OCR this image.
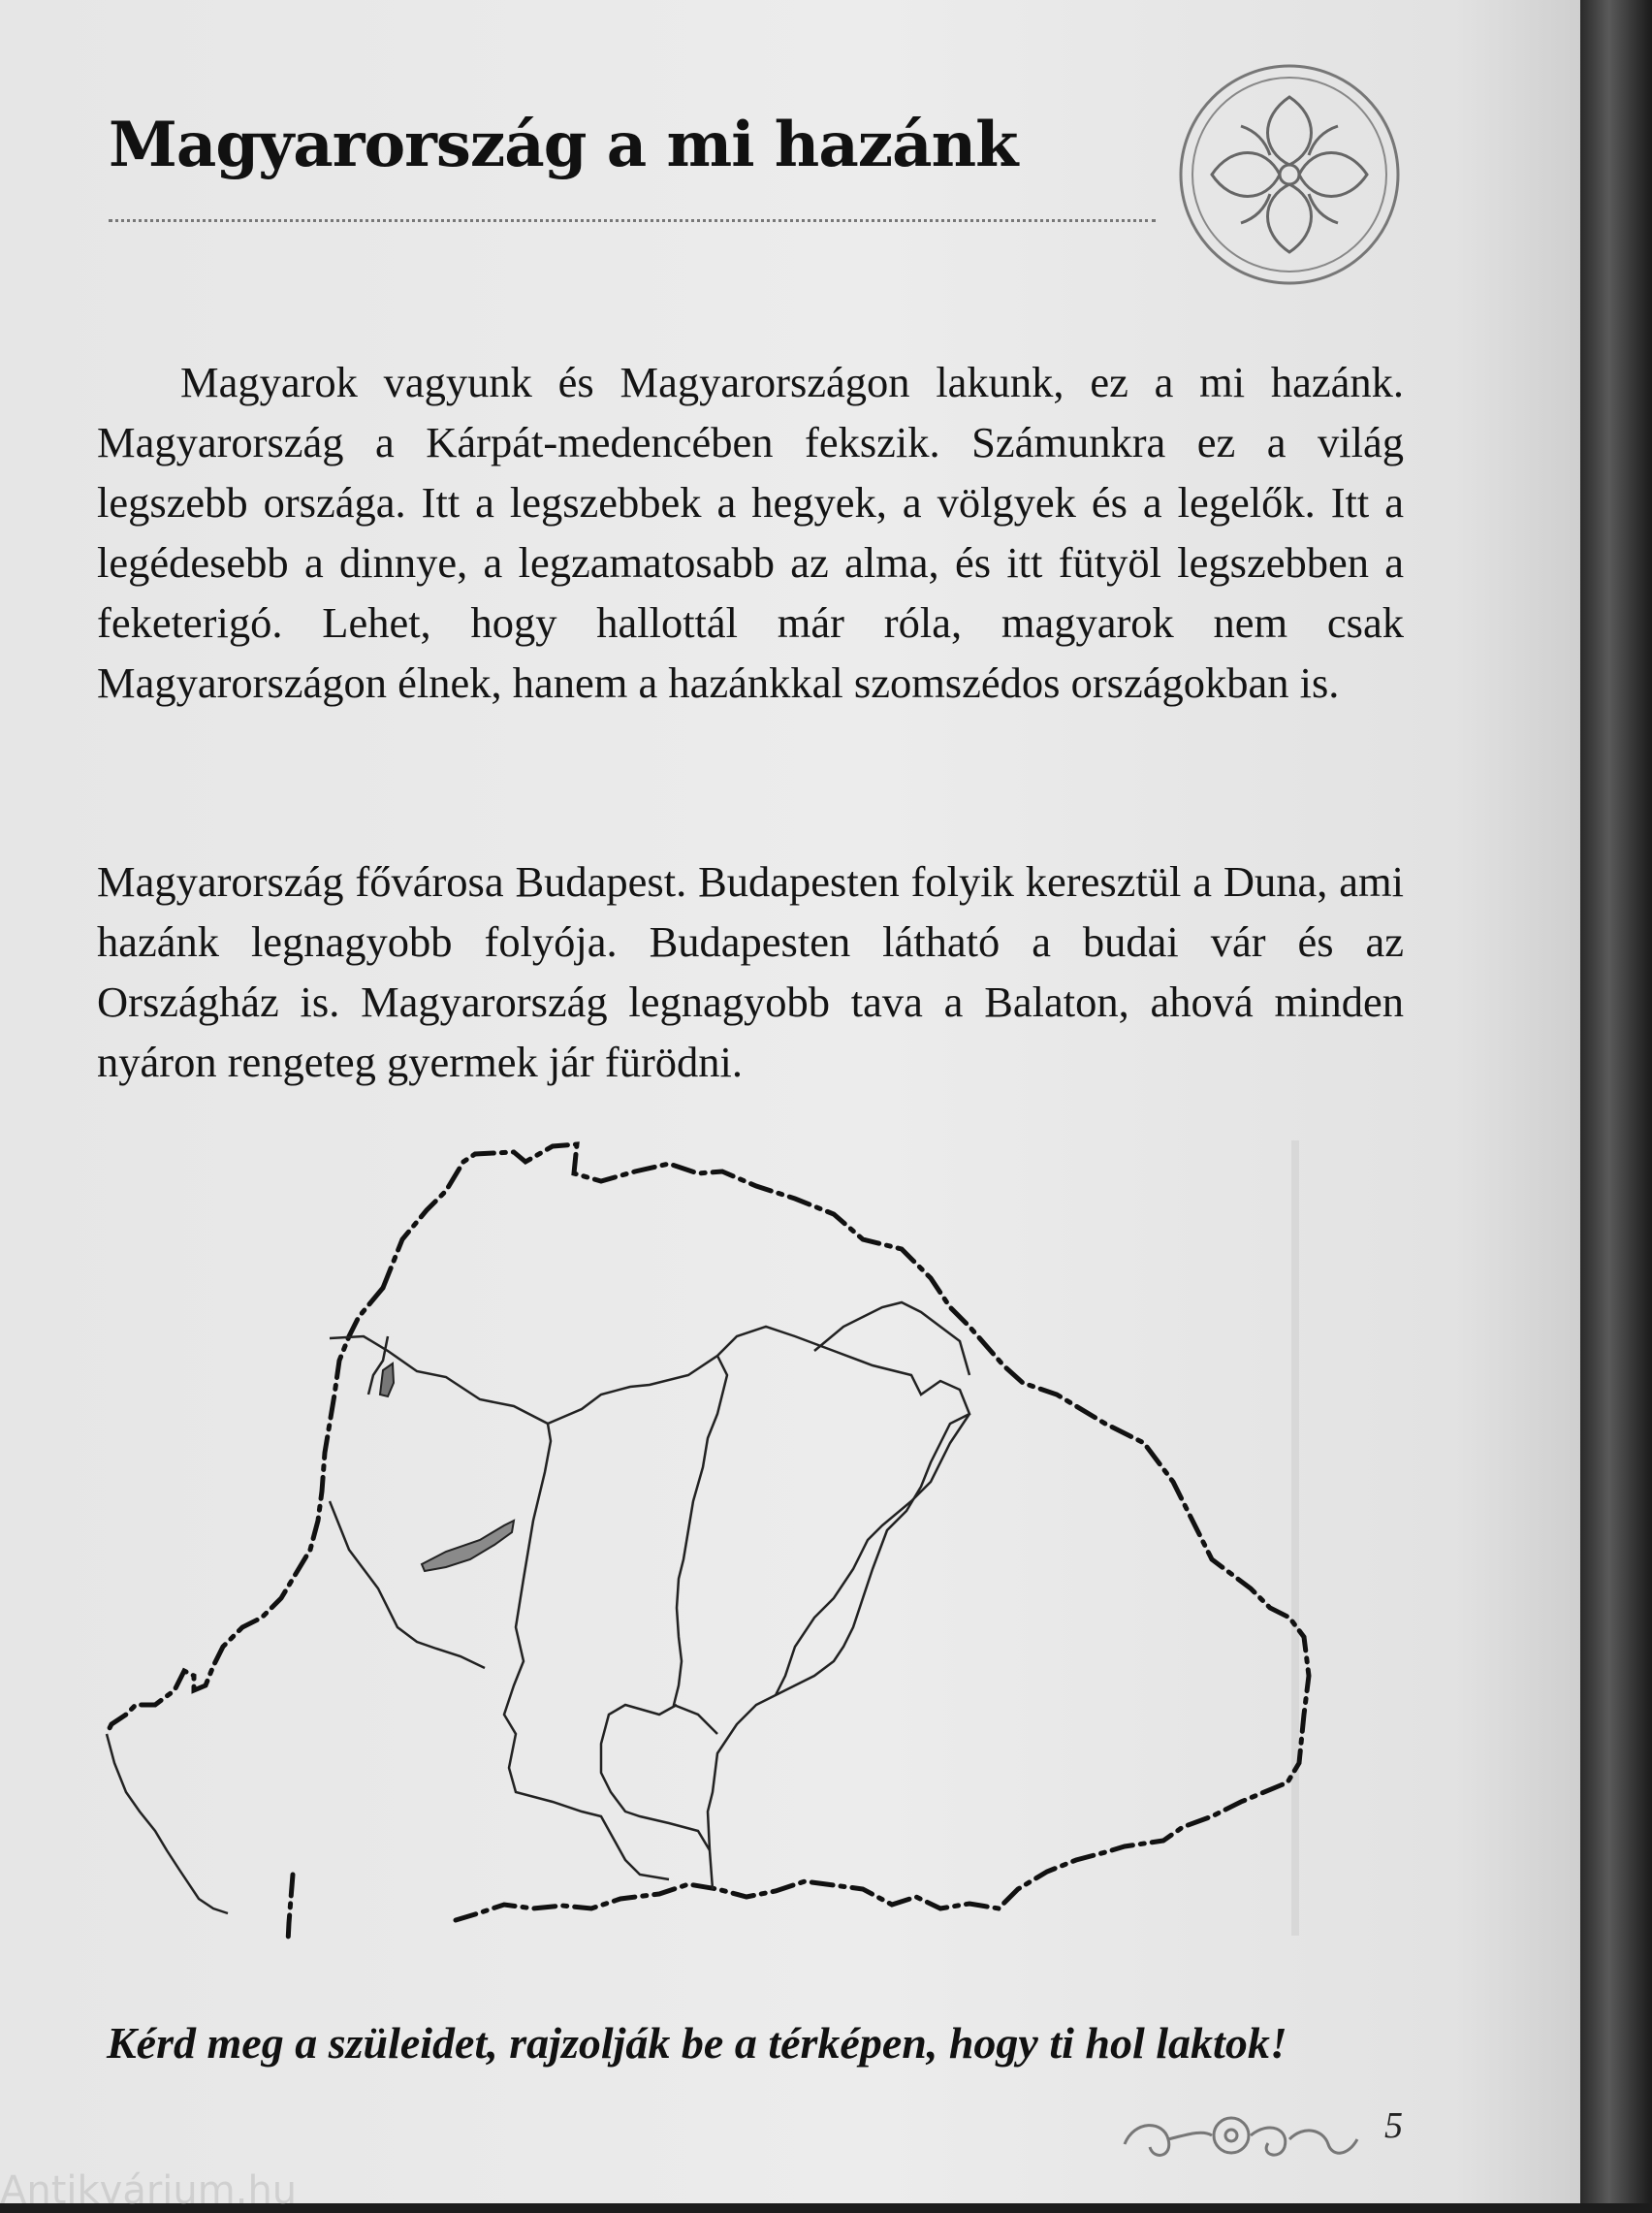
Magyarország a mi hazánk

Magyarok vagyunk és Magyarországon lakunk, ez a mi hazánk. Magyarország a Kárpát-medencében fekszik. Számunkra ez a világ legszebb országa. Itt a legszebbek a hegyek, a völgyek és a legelők. Itt a legédesebb a dinnye, a legzamatosabb az alma, és itt fütyöl legszebben a feketerigó. Lehet, hogy hallottál már róla, magyarok nem csak Magyarországon élnek, hanem a hazánkkal szomszédos országokban is.

Magyarország fővárosa Budapest. Budapesten folyik keresztül a Duna, ami hazánk legnagyobb folyója. Budapesten látható a budai vár és az Országház is. Magyarország legnagyobb tava a Balaton, ahová minden nyáron rengeteg gyermek jár fürödni.

Kérd meg a szüleidet, rajzolják be a térképen, hogy ti hol laktok!
5
Antikvárium.hu
